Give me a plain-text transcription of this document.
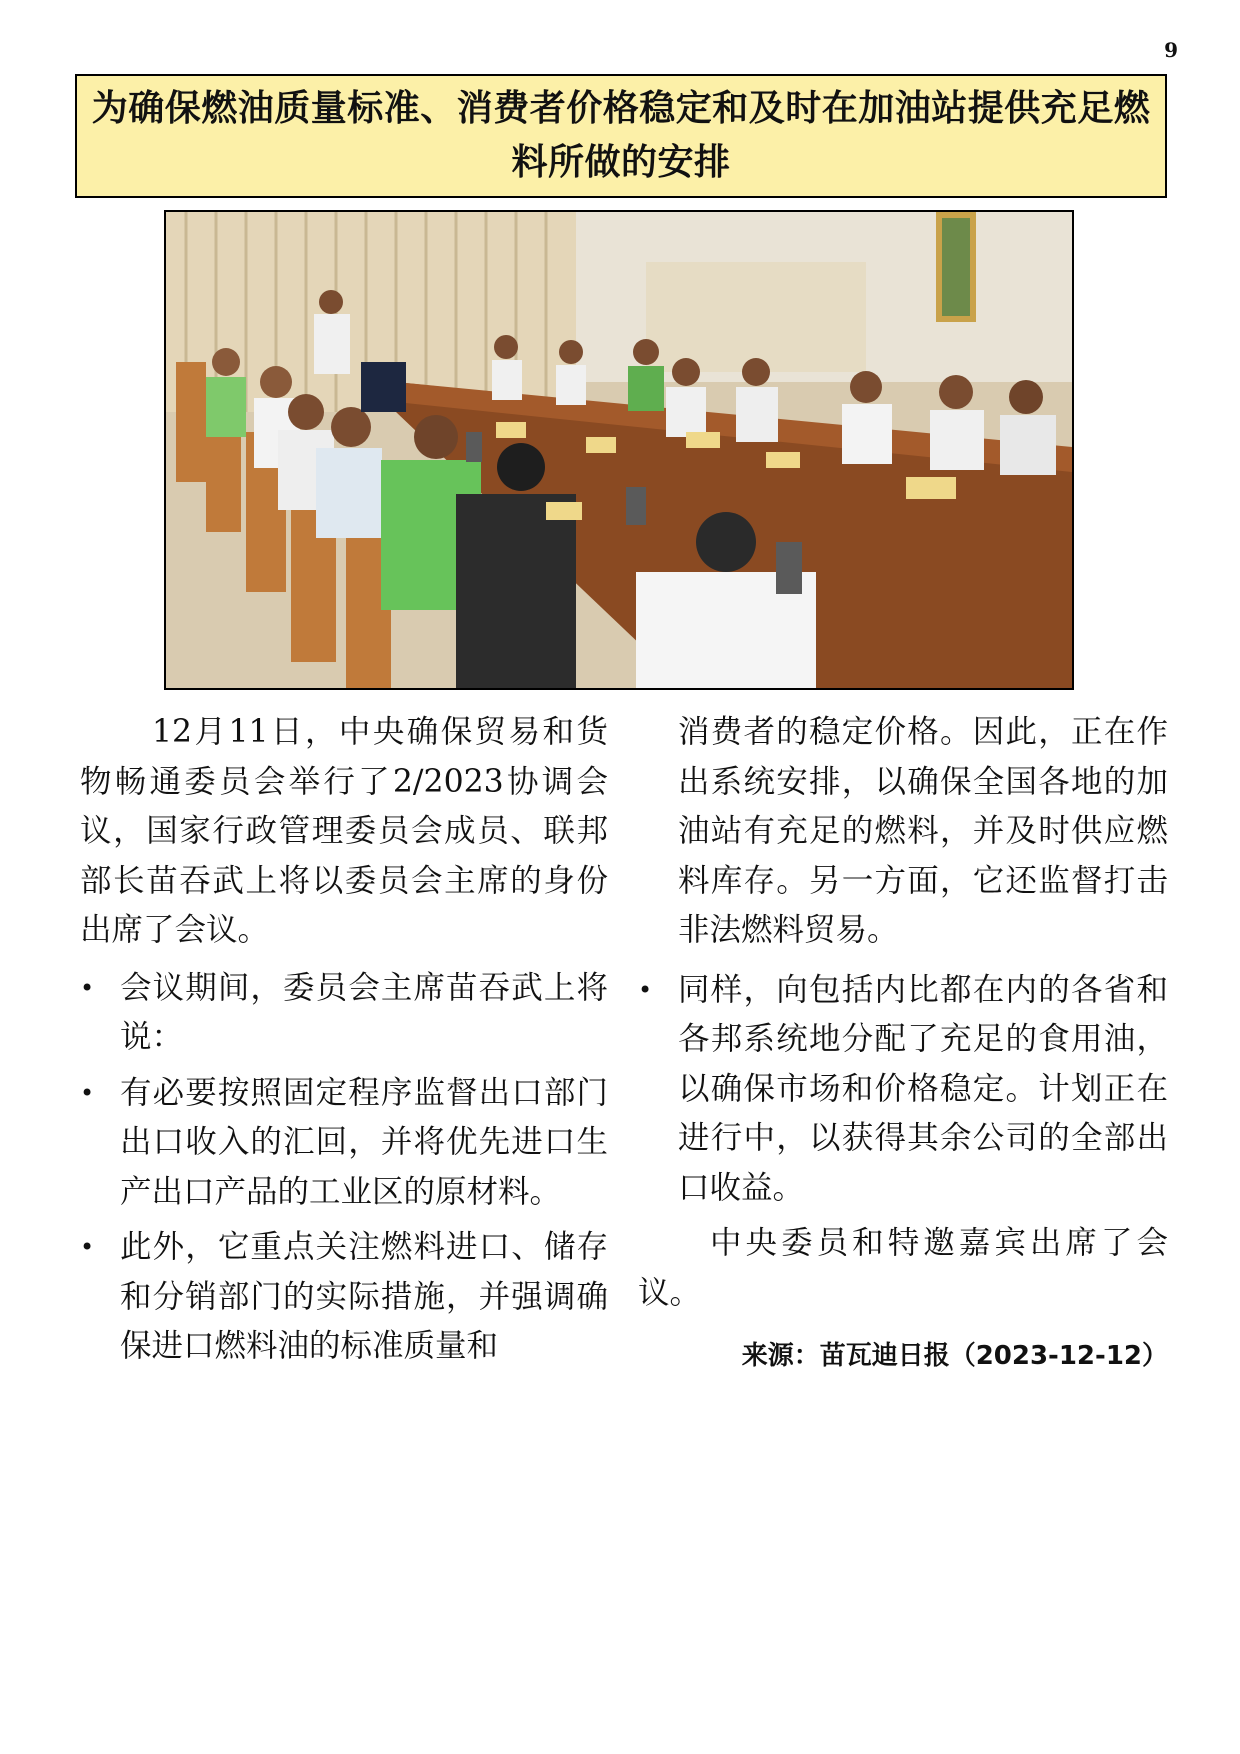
9
为确保燃油质量标准、消费者价格稳定和及时在加油站提供充足燃料所做的安排

12月11日，中央确保贸易和货物畅通委员会举行了2/2023协调会议，国家行政管理委员会成员、联邦部长苗吞武上将以委员会主席的身份出席了会议。

• 会议期间，委员会主席苗吞武上将说：
• 有必要按照固定程序监督出口部门出口收入的汇回，并将优先进口生产出口产品的工业区的原材料。
• 此外，它重点关注燃料进口、储存和分销部门的实际措施，并强调确保进口燃料油的标准质量和

消费者的稳定价格。因此，正在作出系统安排，以确保全国各地的加油站有充足的燃料，并及时供应燃料库存。另一方面，它还监督打击非法燃料贸易。

• 同样，向包括内比都在内的各省和各邦系统地分配了充足的食用油，以确保市场和价格稳定。计划正在进行中，以获得其余公司的全部出口收益。

中央委员和特邀嘉宾出席了会议。

来源：苗瓦迪日报（2023-12-12）
